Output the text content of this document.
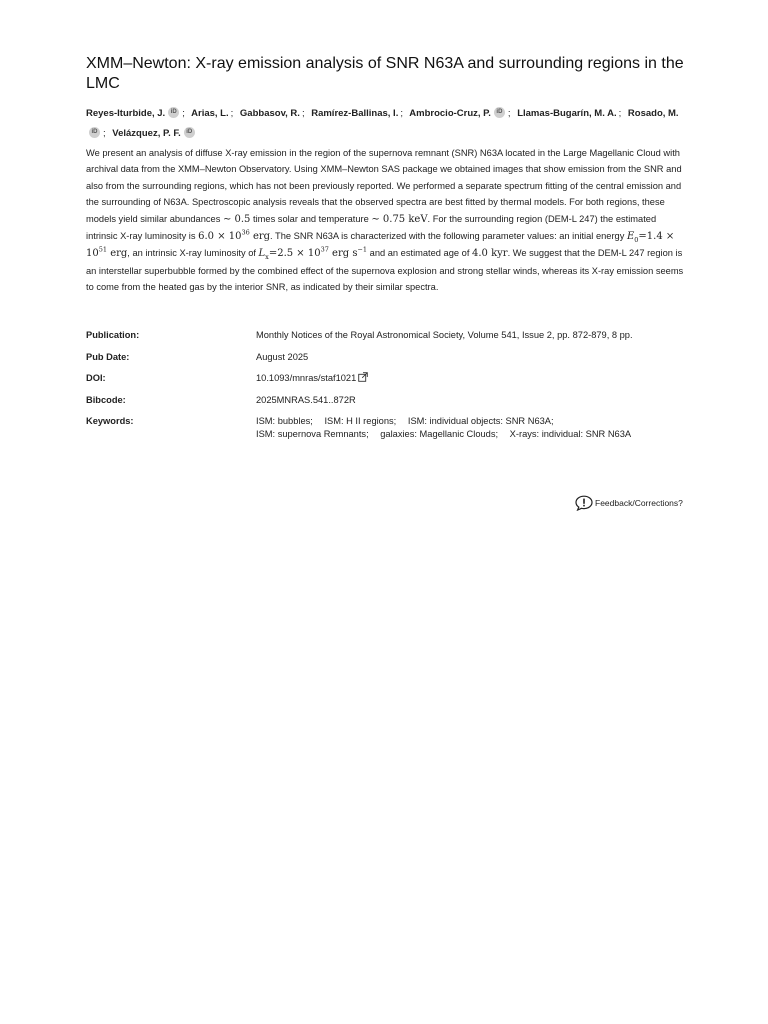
XMM–Newton: X-ray emission analysis of SNR N63A and surrounding regions in the LMC
Reyes-Iturbide, J. iD ; Arias, L. ; Gabbasov, R. ; Ramírez-Ballinas, I. ; Ambrocio-Cruz, P. iD ; Llamas-Bugarín, M. A. ; Rosado, M.iD ; Velázquez, P. F. iD

We present an analysis of diffuse X-ray emission in the region of the supernova remnant (SNR) N63A located in the Large Magellanic Cloud with archival data from the XMM–Newton Observatory. Using XMM–Newton SAS package we obtained images that show emission from the SNR and also from the surrounding regions, which has not been previously reported. We performed a separate spectrum fitting of the central emission and the surrounding of N63A. Spectroscopic analysis reveals that the observed spectra are best fitted by thermal models. For both regions, these models yield similar abundances ∼ 0.5 times solar and temperature ∼ 0.75 keV. For the surrounding region (DEM-L 247) the estimated intrinsic X-ray luminosity is $6.0 \times 10^{36}$ erg. The SNR N63A is characterized with the following parameter values: an initial energy $E_0=1.4 \times 10^{51}$ erg, an intrinsic X-ray luminosity of $L_x=2.5 \times 10^{37}$ erg $s^{-1}$ and an estimated age of 4.0 kyr. We suggest that the DEM-L 247 region is an interstellar superbubble formed by the combined effect of the supernova explosion and strong stellar winds, whereas its X-ray emission seems to come from the heated gas by the interior SNR, as indicated by their similar spectra.

Publication:	Monthly Notices of the Royal Astronomical Society, Volume 541, Issue 2, pp. 872-879, 8 pp.
Pub Date:	August 2025
DOI:	10.1093/mnras/staf1021
Bibcode:	2025MNRAS.541..872R
Keywords:	ISM: bubbles; ISM: H II regions; ISM: individual objects: SNR N63A;
ISM: supernova Remnants; galaxies: Magellanic Clouds; X-rays: individual: SNR N63A
Feedback/Corrections?
